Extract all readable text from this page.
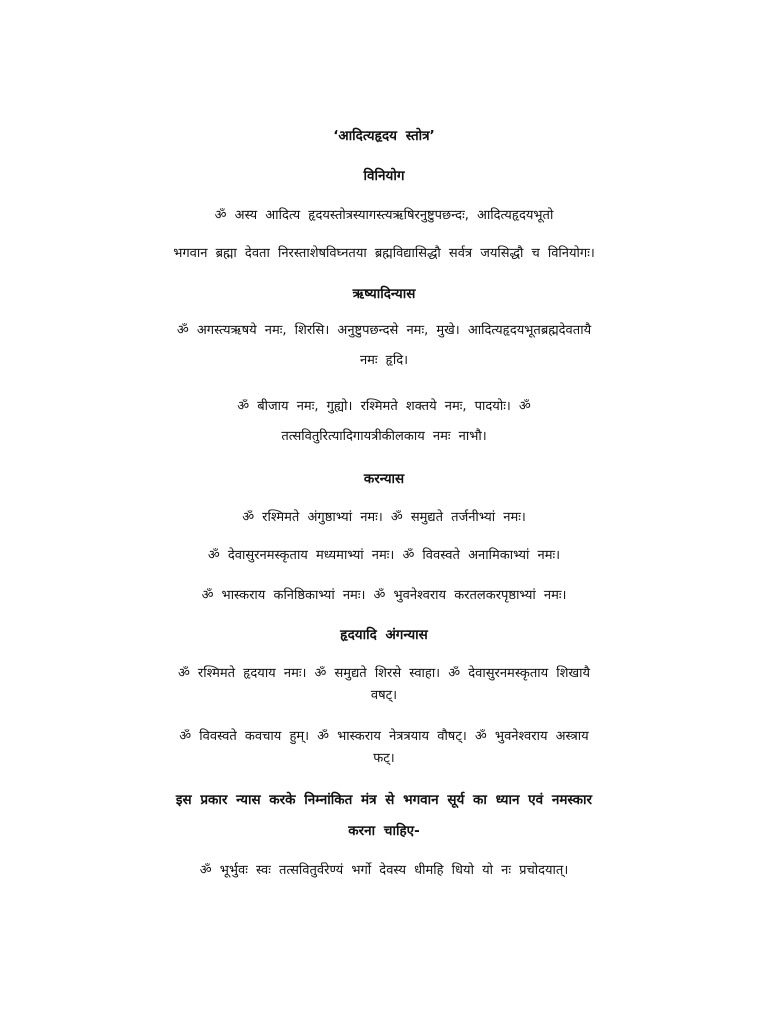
‘आदित्यहृदय स्तोत्र’
विनियोग
ॐ अस्य आदित्य हृदयस्तोत्रस्यागस्त्यऋषिरनुष्टुपछन्दः, आदित्यहृदयभूतो
भगवान ब्रह्मा देवता निरस्ताशेषविघ्नतया ब्रह्मविद्यासिद्धौ सर्वत्र जयसिद्धौ च विनियोगः।
ऋष्यादिन्यास
ॐ अगस्त्यऋषये नमः, शिरसि। अनुष्टुपछन्दसे नमः, मुखे। आदित्यहृदयभूतब्रह्मदेवतायै
नमः हृदि।
ॐ बीजाय नमः, गुह्यो। रश्मिमते शक्तये नमः, पादयोः। ॐ
तत्सवितुरित्यादिगायत्रीकीलकाय नमः नाभौ।
करन्यास
ॐ रश्मिमते अंगुष्ठाभ्यां नमः। ॐ समुद्यते तर्जनीभ्यां नमः।
ॐ देवासुरनमस्कृताय मध्यमाभ्यां नमः। ॐ विवस्वते अनामिकाभ्यां नमः।
ॐ भास्कराय कनिष्ठिकाभ्यां नमः। ॐ भुवनेश्वराय करतलकरपृष्ठाभ्यां नमः।
हृदयादि अंगन्यास
ॐ रश्मिमते हृदयाय नमः। ॐ समुद्यते शिरसे स्वाहा। ॐ देवासुरनमस्कृताय शिखायै
वषट्।
ॐ विवस्वते कवचाय हुम्। ॐ भास्कराय नेत्रत्रयाय वौषट्। ॐ भुवनेश्वराय अस्त्राय
फट्।
इस प्रकार न्यास करके निम्नांकित मंत्र से भगवान सूर्य का ध्यान एवं नमस्कार
करना चाहिए-
ॐ भूर्भुवः स्वः तत्सवितुर्वरेण्यं भर्गो देवस्य धीमहि धियो यो नः प्रचोदयात्।
